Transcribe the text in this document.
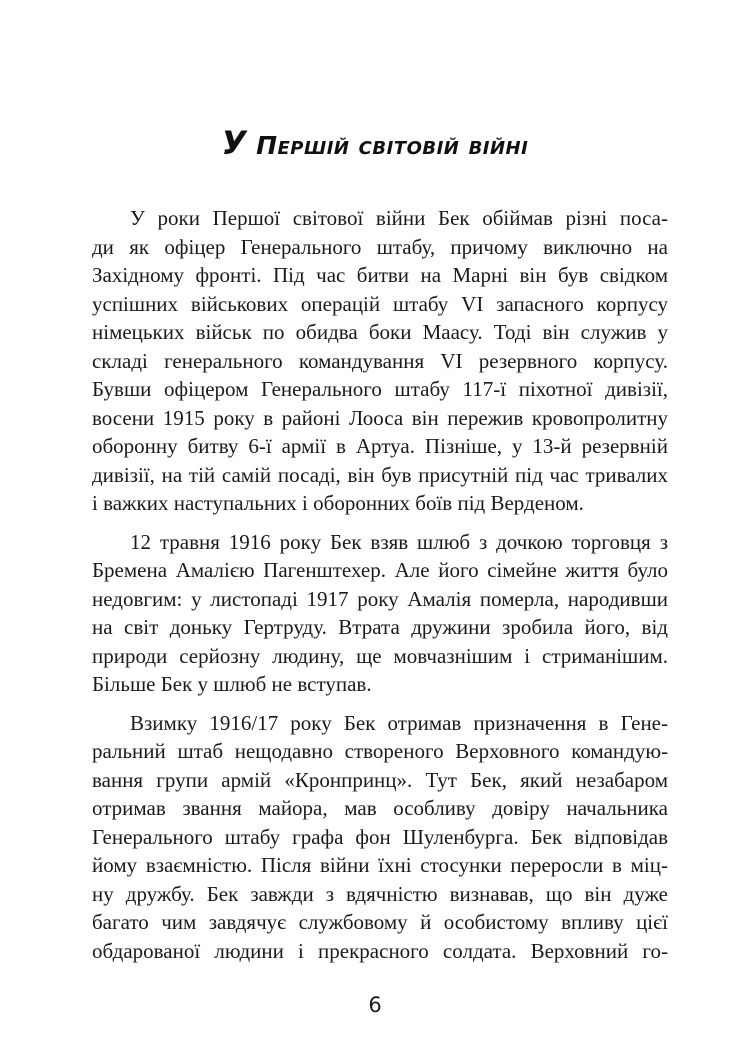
У Першій світовій війні
У роки Першої світової війни Бек обіймав різні поса-
ди як офіцер Генерального штабу, причому виключно на
Західному фронті. Під час битви на Марні він був свідком
успішних військових операцій штабу VI запасного корпусу
німецьких військ по обидва боки Маасу. Тоді він служив у
складі генерального командування VI резервного корпусу.
Бувши офіцером Генерального штабу 117-ї піхотної дивізії,
восени 1915 року в районі Лооса він пережив кровопролитну
оборонну битву 6-ї армії в Артуа. Пізніше, у 13-й резервній
дивізії, на тій самій посаді, він був присутній під час тривалих
і важких наступальних і оборонних боїв під Верденом.
12 травня 1916 року Бек взяв шлюб з дочкою торговця з
Бремена Амалією Пагенштехер. Але його сімейне життя було
недовгим: у листопаді 1917 року Амалія померла, народивши
на світ доньку Гертруду. Втрата дружини зробила його, від
природи серйозну людину, ще мовчазнішим і стриманішим.
Більше Бек у шлюб не вступав.
Взимку 1916/17 року Бек отримав призначення в Гене-
ральний штаб нещодавно створеного Верховного командую-
вання групи армій «Кронпринц». Тут Бек, який незабаром
отримав звання майора, мав особливу довіру начальника
Генерального штабу графа фон Шуленбурга. Бек відповідав
йому взаємністю. Після війни їхні стосунки переросли в міц-
ну дружбу. Бек завжди з вдячністю визнавав, що він дуже
багато чим завдячує службовому й особистому впливу цієї
обдарованої людини і прекрасного солдата. Верховний го-
6
